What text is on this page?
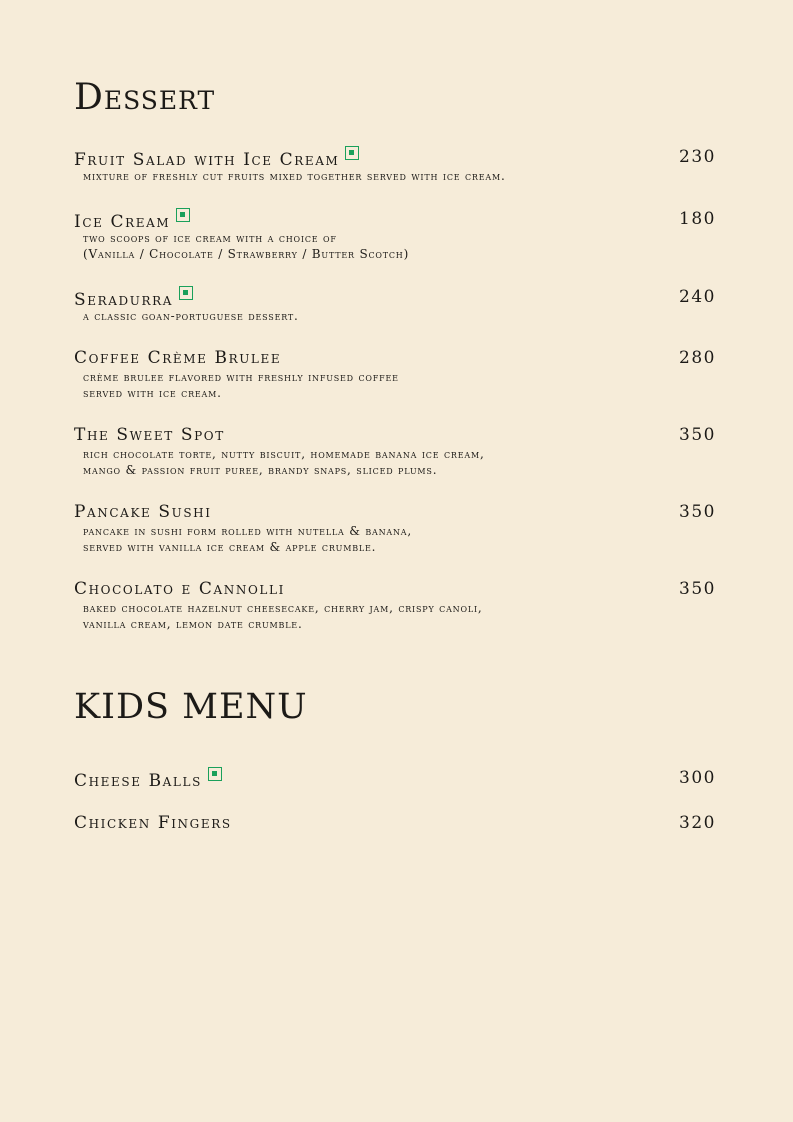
Dessert
Fruit Salad with Ice Cream	230
mixture of freshly cut fruits mixed together served with ice cream.
Ice Cream	180
two scoops of ice cream with a choice of
(Vanilla / Chocolate / Strawberry / Butter Scotch)
Seradurra	240
a classic goan-portuguese dessert.
Coffee Crème Brulee	280
crème brulee flavored with freshly infused coffee
served with ice cream.
The Sweet Spot	350
rich chocolate torte, nutty biscuit, homemade banana ice cream,
mango & passion fruit puree, brandy snaps, sliced plums.
Pancake Sushi	350
pancake in sushi form rolled with nutella & banana,
served with vanilla ice cream & apple crumble.
Chocolato e Cannolli	350
baked chocolate hazelnut cheesecake, cherry jam, crispy canoli,
vanilla cream, lemon date crumble.
KIDS MENU
Cheese Balls	300
Chicken Fingers	320
